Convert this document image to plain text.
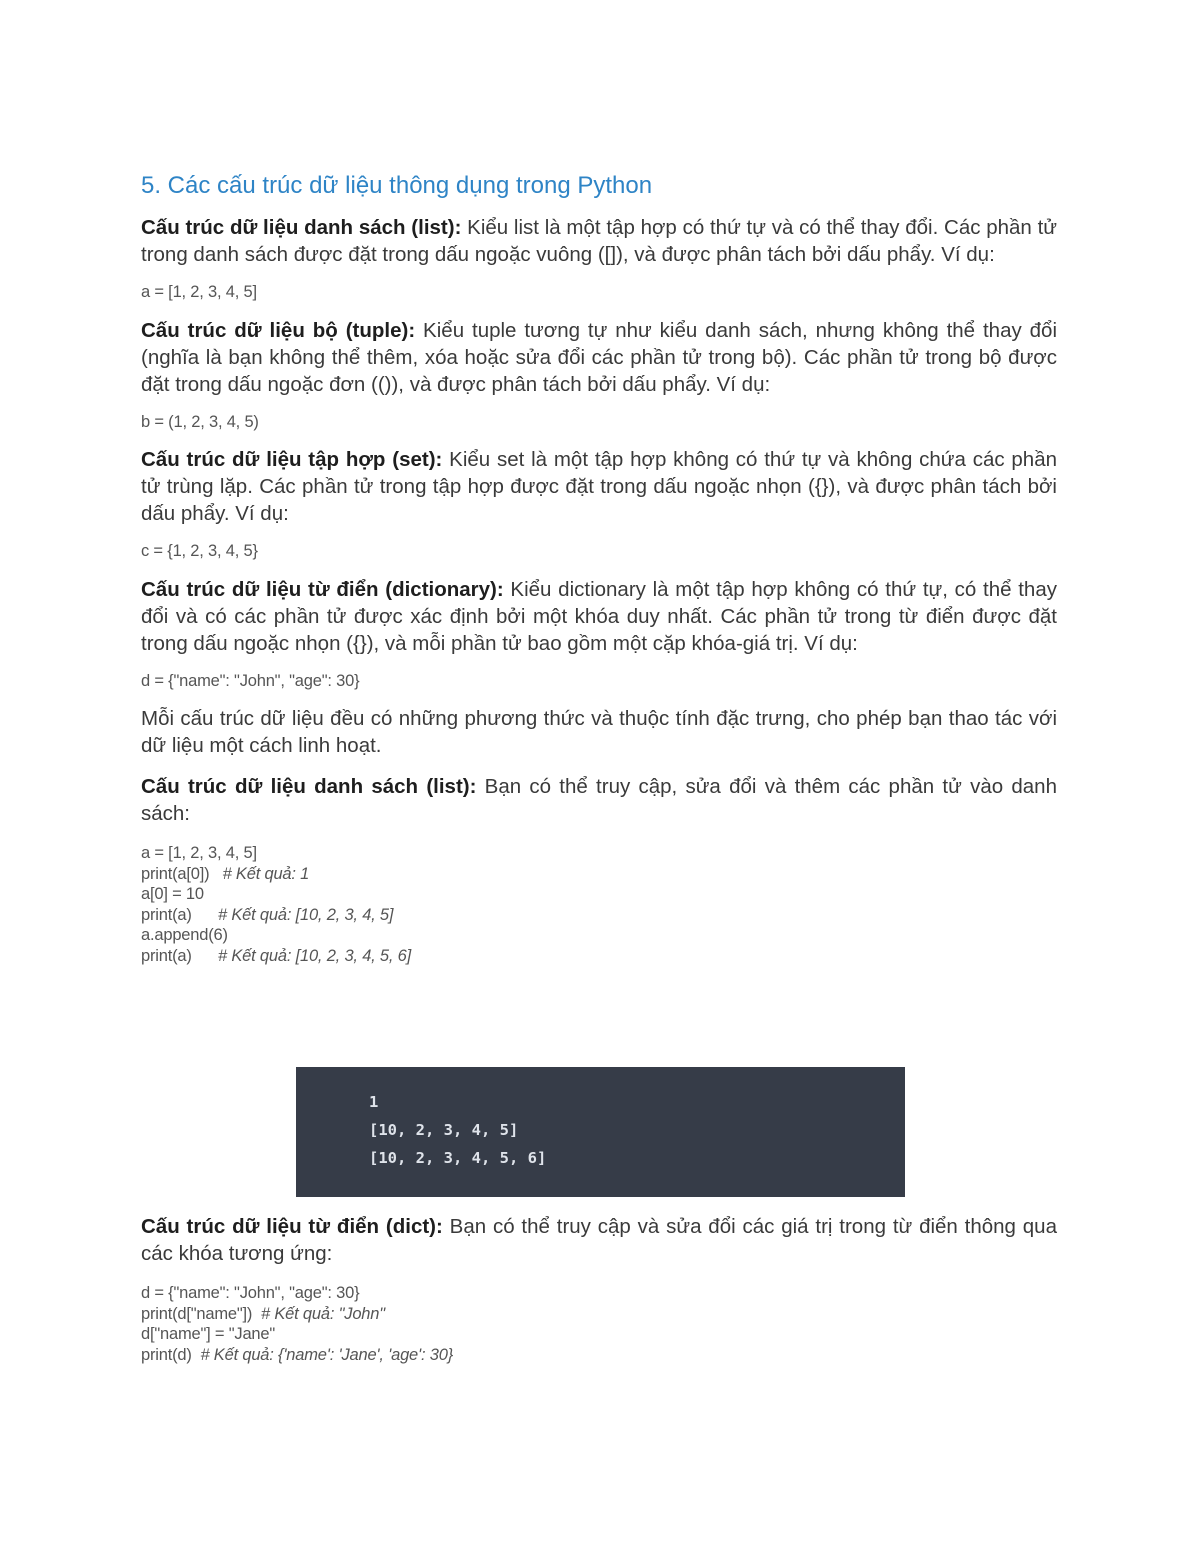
5. Các cấu trúc dữ liệu thông dụng trong Python

Cấu trúc dữ liệu danh sách (list): Kiểu list là một tập hợp có thứ tự và có thể thay đổi. Các phần tử trong danh sách được đặt trong dấu ngoặc vuông ([]), và được phân tách bởi dấu phẩy. Ví dụ:

a = [1, 2, 3, 4, 5]

Cấu trúc dữ liệu bộ (tuple): Kiểu tuple tương tự như kiểu danh sách, nhưng không thể thay đổi (nghĩa là bạn không thể thêm, xóa hoặc sửa đổi các phần tử trong bộ). Các phần tử trong bộ được đặt trong dấu ngoặc đơn (()), và được phân tách bởi dấu phẩy. Ví dụ:

b = (1, 2, 3, 4, 5)

Cấu trúc dữ liệu tập hợp (set): Kiểu set là một tập hợp không có thứ tự và không chứa các phần tử trùng lặp. Các phần tử trong tập hợp được đặt trong dấu ngoặc nhọn ({}), và được phân tách bởi dấu phẩy. Ví dụ:

c = {1, 2, 3, 4, 5}

Cấu trúc dữ liệu từ điển (dictionary): Kiểu dictionary là một tập hợp không có thứ tự, có thể thay đổi và có các phần tử được xác định bởi một khóa duy nhất. Các phần tử trong từ điển được đặt trong dấu ngoặc nhọn ({}), và mỗi phần tử bao gồm một cặp khóa-giá trị. Ví dụ:

d = {"name": "John", "age": 30}

Mỗi cấu trúc dữ liệu đều có những phương thức và thuộc tính đặc trưng, cho phép bạn thao tác với dữ liệu một cách linh hoạt.

Cấu trúc dữ liệu danh sách (list): Bạn có thể truy cập, sửa đổi và thêm các phần tử vào danh sách:

a = [1, 2, 3, 4, 5]
print(a[0])   # Kết quả: 1
a[0] = 10
print(a)      # Kết quả: [10, 2, 3, 4, 5]
a.append(6)
print(a)      # Kết quả: [10, 2, 3, 4, 5, 6]
1
[10, 2, 3, 4, 5]
[10, 2, 3, 4, 5, 6]

Cấu trúc dữ liệu từ điển (dict): Bạn có thể truy cập và sửa đổi các giá trị trong từ điển thông qua các khóa tương ứng:

d = {"name": "John", "age": 30}
print(d["name"])  # Kết quả: "John"
d["name"] = "Jane"
print(d)  # Kết quả: {'name': 'Jane', 'age': 30}
